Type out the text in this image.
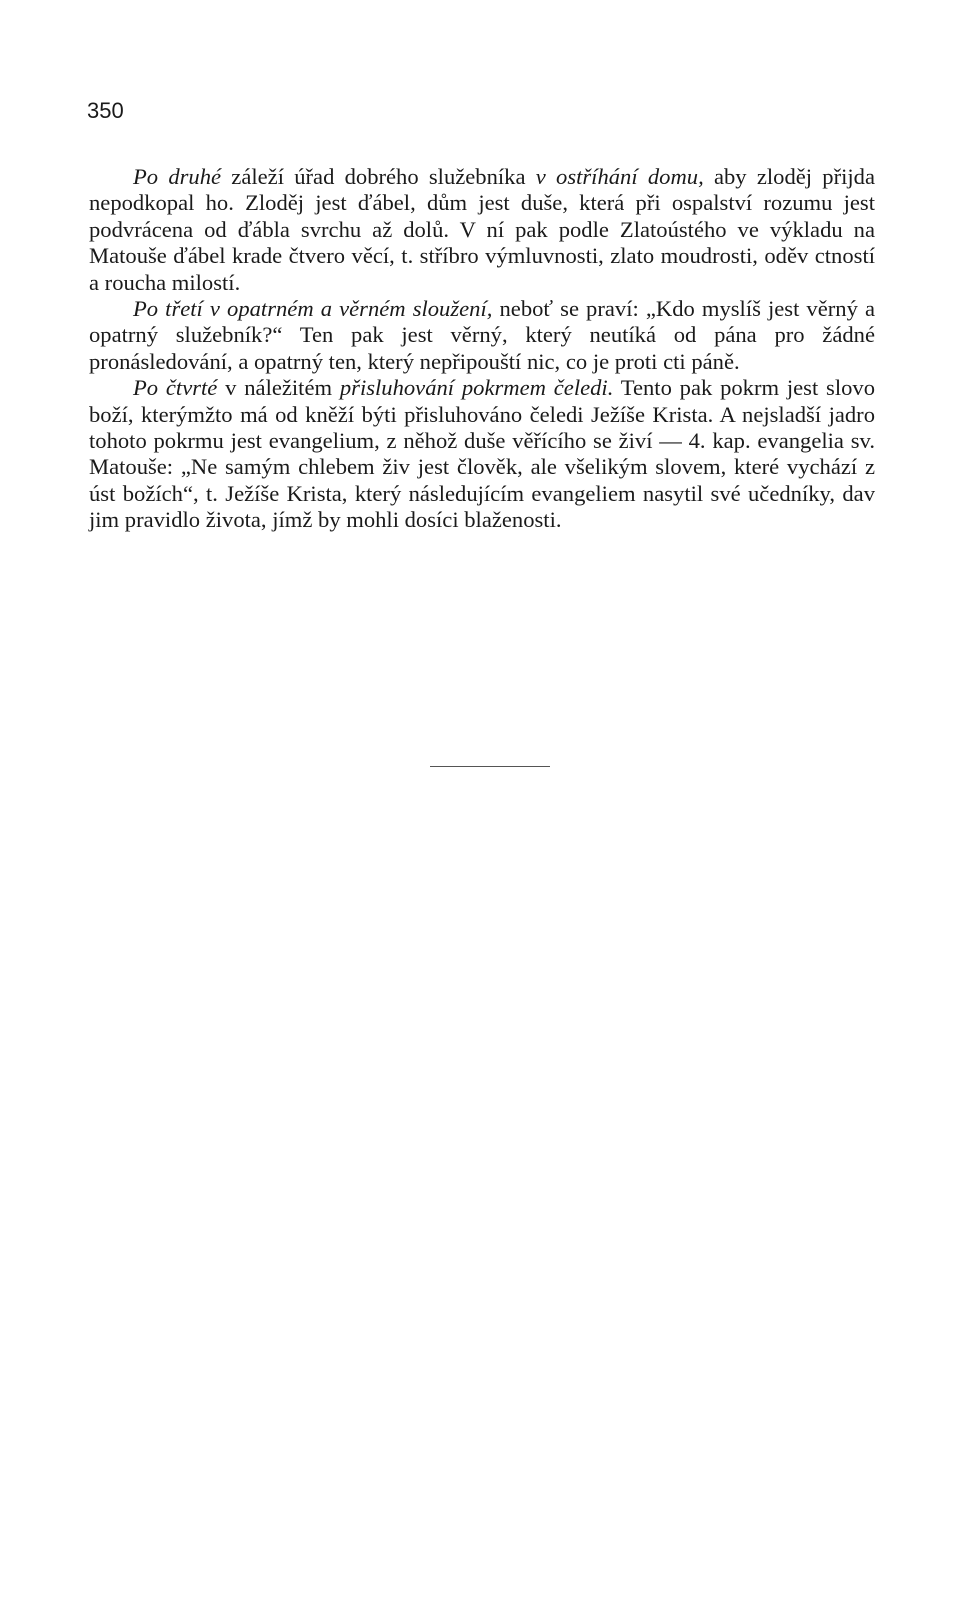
350

Po druhé záleží úřad dobrého služebníka v ostříhání domu, aby zloděj přijda nepodkopal ho. Zloděj jest ďábel, dům jest duše, která při ospalství rozumu jest podvrácena od ďábla svrchu až dolů. V ní pak podle Zlatoústého ve výkladu na Matouše ďábel krade čtvero věcí, t. stříbro výmluvnosti, zlato moudrosti, oděv ctností a roucha milostí.

Po třetí v opatrném a věrném sloužení, neboť se praví: „Kdo myslíš jest věrný a opatrný služebník?“ Ten pak jest věrný, který neutíká od pána pro žádné pronásledování, a opatrný ten, který nepřipouští nic, co je proti cti páně.

Po čtvrté v náležitém přisluhování pokrmem čeledi. Tento pak pokrm jest slovo boží, kterýmžto má od kněží býti přisluhováno čeledi Ježíše Krista. A nejsladší jadro tohoto pokrmu jest evangelium, z něhož duše věřícího se živí — 4. kap. evangelia sv. Matouše: „Ne samým chlebem živ jest člověk, ale všelikým slovem, které vychází z úst božích“, t. Ježíše Krista, který následujícím evangeliem nasytil své učedníky, dav jim pravidlo života, jímž by mohli dosíci blaženosti.
